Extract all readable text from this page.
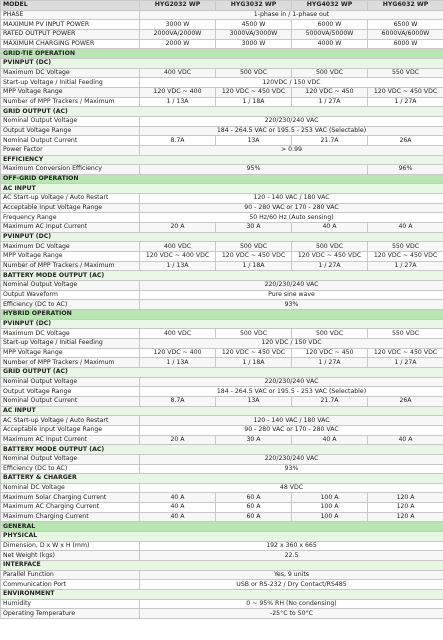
MODEL	HYG2032 WP	HYG3032 WP	HYG4032 WP	HYG6032 WP
PHASE	1-phase in / 1-phase out			
MAXIMUM PV INPUT POWER	3000 W	4500 W	6000 W	6500 W
RATED OUTPUT POWER	2000VA/2000W	3000VA/3000W	5000VA/5000W	6000VA/6000W
MAXIMUM CHARGING POWER	2000 W	3000 W	4000 W	6000 W
GRID-TIE OPERATION				
PVINPUT (DC)				
Maximum DC Voltage	400 VDC	500 VDC	500 VDC	550 VDC
Start-up Voltage / Initial Feeding	120VDC / 150 VDC			
MPP Voltage Range	120 VDC ~ 400	120 VDC ~ 450 VDC	120 VDC ~ 450	120 VDC ~ 450 VDC
Number of MPP Trackers / Maximum	1 / 13A	1 / 18A	1 / 27A	1 / 27A
GRID OUTPUT (AC)				
Nominal Output Voltage	220/230/240 VAC			
Output Voltage Range	184 - 264.5 VAC or 195.5 - 253 VAC (Selectable)			
Nominal Output Current	8.7A	13A	21.7A	26A
Power Factor	> 0.99			
EFFICIENCY				
Maximum Conversion Efficiency	95%			96%
OFF-GRID OPERATION				
AC INPUT				
AC Start-up Voltage / Auto Restart	120 - 140 VAC / 180 VAC			
Acceptable Input Voltage Range	90 - 280 VAC or 170 - 280 VAC			
Frequency Range	50 Hz/60 Hz (Auto sensing)			
Maximum AC Input Current	20 A	30 A	40 A	40 A
PVINPUT (DC)				
Maximum DC Voltage	400 VDC	500 VDC	500 VDC	550 VDC
MPP Voltage Range	120 VDC ~ 400 VDC	120 VDC ~ 450 VDC	120 VDC ~ 450 VDC	120 VDC ~ 450 VDC
Number of MPP Trackers / Maximum	1 / 13A	1 / 18A	1 / 27A	1 / 27A
BATTERY MODE OUTPUT (AC)				
Nominal Output Voltage	220/230/240 VAC			
Output Waveform	Pure sine wave			
Efficiency (DC to AC)	93%			
HYBRID OPERATION				
PVINPUT (DC)				
Maximum DC Voltage	400 VDC	500 VDC	500 VDC	550 VDC
Start-up Voltage / Initial Feeding	120 VDC / 150 VDC			
MPP Voltage Range	120 VDC ~ 400	120 VDC ~ 450 VDC	120 VDC ~ 450	120 VDC ~ 450 VDC
Number of MPP Trackers / Maximum	1 / 13A	1 / 18A	1 / 27A	1 / 27A
GRID OUTPUT (AC)				
Nominal Output Voltage	220/230/240 VAC			
Output Voltage Range	184 - 264.5 VAC or 195.5 - 253 VAC (Selectable)			
Nominal Output Current	8.7A	13A	21.7A	26A
AC INPUT				
AC Start-up Voltage / Auto Restart	120 - 140 VAC / 180 VAC			
Acceptable Input Voltage Range	90 - 280 VAC or 170 - 280 VAC			
Maximum AC Input Current	20 A	30 A	40 A	40 A
BATTERY MODE OUTPUT (AC)				
Nominal Output Voltage	220/230/240 VAC			
Efficiency (DC to AC)	93%			
BATTERY & CHARGER				
Nominal DC Voltage	48 VDC			
Maximum Solar Charging Current	40 A	60 A	100 A	120 A
Maximum AC Charging Current	40 A	60 A	100 A	120 A
Maximum Charging Current	40 A	60 A	100 A	120 A
GENERAL				
PHYSICAL				
Dimension, D x W x H (mm)	192 x 360 x 665			
Net Weight (kgs)	22.5			
INTERFACE				
Parallel Function	Yes, 9 units			
Communication Port	USB or RS-232 / Dry Contact/RS485			
ENVIRONMENT				
Humidity	0 ~ 95% RH (No condensing)			
Operating Temperature	-25°C to 50°C			
